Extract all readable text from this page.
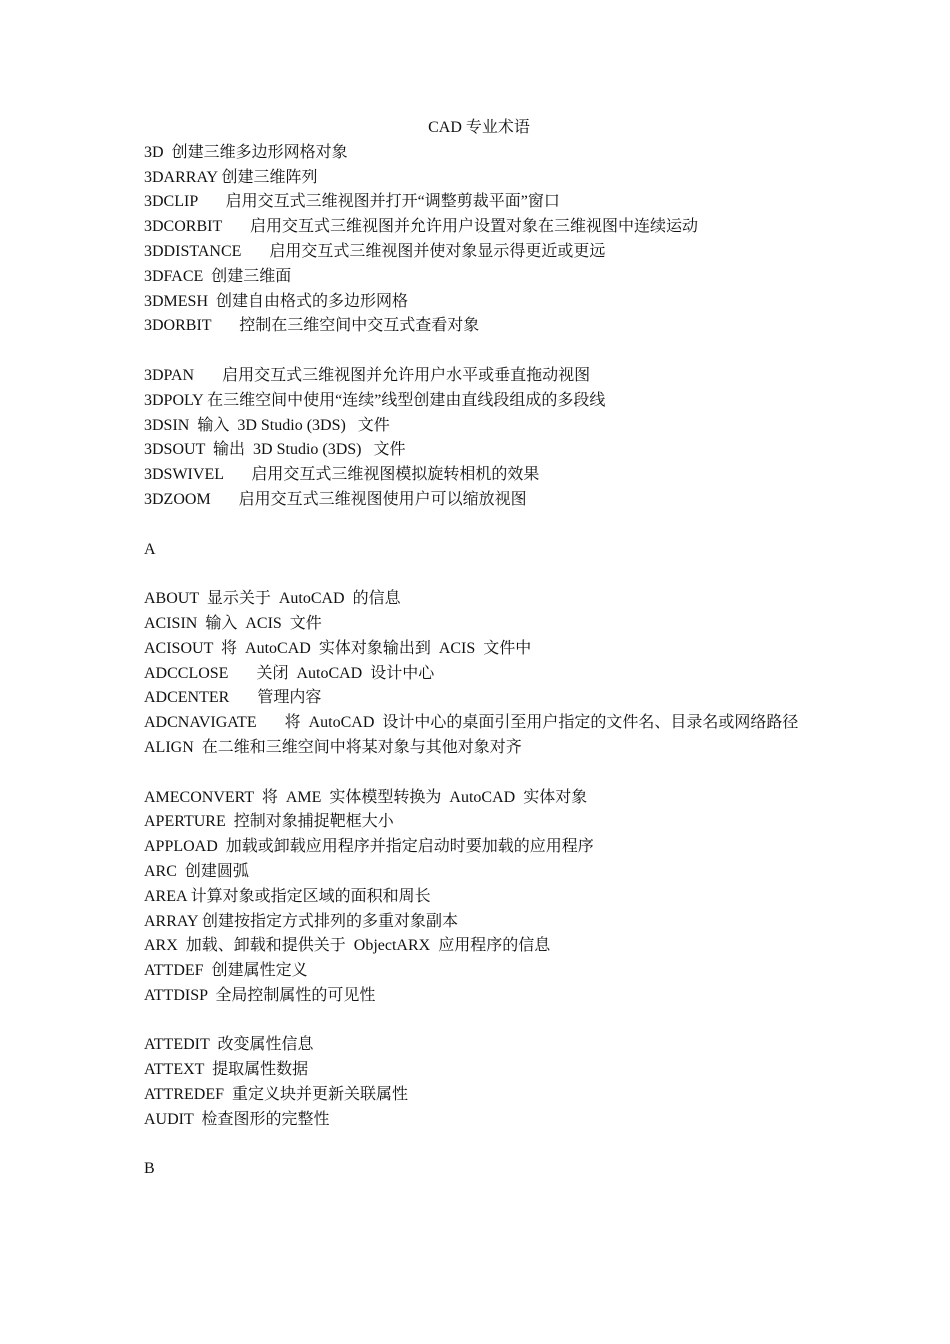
CAD 专业术语
3D 创建三维多边形网格对象
3DARRAY 创建三维阵列
3DCLIP 启用交互式三维视图并打开“调整剪裁平面”窗口
3DCORBIT 启用交互式三维视图并允许用户设置对象在三维视图中连续运动
3DDISTANCE 启用交互式三维视图并使对象显示得更近或更远
3DFACE 创建三维面
3DMESH 创建自由格式的多边形网格
3DORBIT 控制在三维空间中交互式查看对象
3DPAN 启用交互式三维视图并允许用户水平或垂直拖动视图
3DPOLY 在三维空间中使用“连续”线型创建由直线段组成的多段线
3DSIN 输入  3D Studio (3DS)   文件
3DSOUT 输出  3D Studio (3DS)   文件
3DSWIVEL 启用交互式三维视图模拟旋转相机的效果
3DZOOM 启用交互式三维视图使用户可以缩放视图
A
ABOUT 显示关于  AutoCAD  的信息
ACISIN 输入  ACIS  文件
ACISOUT 将  AutoCAD  实体对象输出到  ACIS  文件中
ADCCLOSE 关闭  AutoCAD  设计中心
ADCENTER 管理内容
ADCNAVIGATE 将  AutoCAD  设计中心的桌面引至用户指定的文件名、目录名或网络路径
ALIGN 在二维和三维空间中将某对象与其他对象对齐
AMECONVERT 将  AME  实体模型转换为  AutoCAD  实体对象
APERTURE 控制对象捕捉靶框大小
APPLOAD 加载或卸载应用程序并指定启动时要加载的应用程序
ARC 创建圆弧
AREA 计算对象或指定区域的面积和周长
ARRAY 创建按指定方式排列的多重对象副本
ARX 加载、卸载和提供关于  ObjectARX  应用程序的信息
ATTDEF 创建属性定义
ATTDISP 全局控制属性的可见性
ATTEDIT 改变属性信息
ATTEXT 提取属性数据
ATTREDEF 重定义块并更新关联属性
AUDIT 检查图形的完整性
B
